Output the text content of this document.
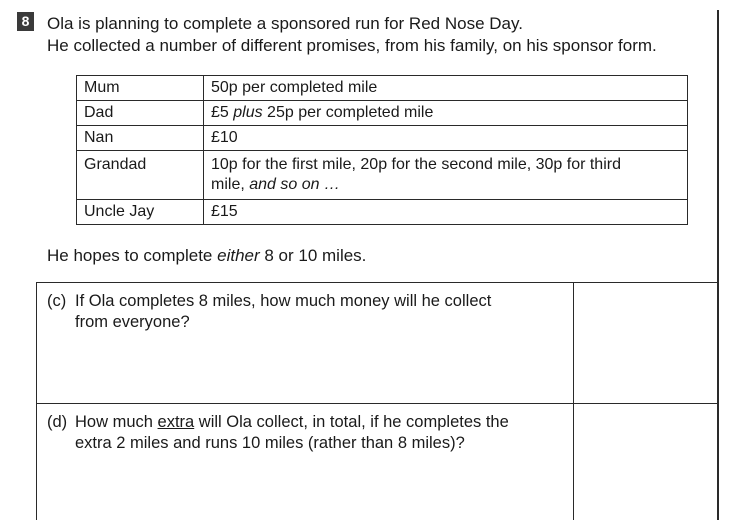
8 Ola is planning to complete a sponsored run for Red Nose Day.

He collected a number of different promises, from his family, on his sponsor form.

Mum	50p per completed mile
Dad	£5 plus 25p per completed mile
Nan	£10
Grandad	10p for the first mile, 20p for the second mile, 30p for third
mile, and so on …
Uncle Jay	£15

He hopes to complete either 8 or 10 miles.

(c) If Ola completes 8 miles, how much money will he collect
from everyone?
(d) How much extra will Ola collect, in total, if he completes the
extra 2 miles and runs 10 miles (rather than 8 miles)?
